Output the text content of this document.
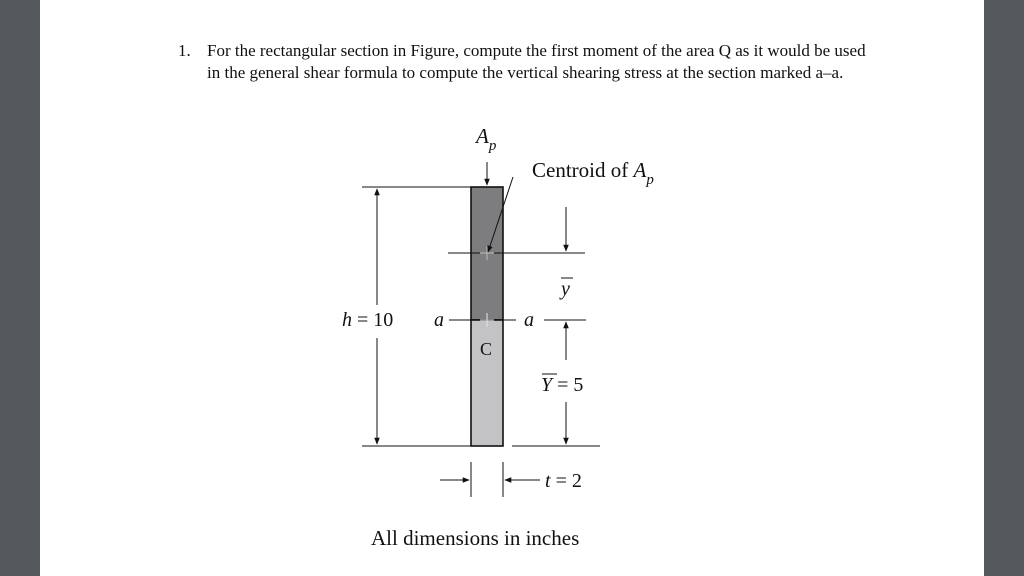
1. For the rectangular section in Figure, compute the first moment of the area Q as it would be used in the general shear formula to compute the vertical shearing stress at the section marked a–a.
$A_p$
Centroid of $A_p$
h = 10 a	a
C
y
Y = 5
t = 2
All dimensions in inches
